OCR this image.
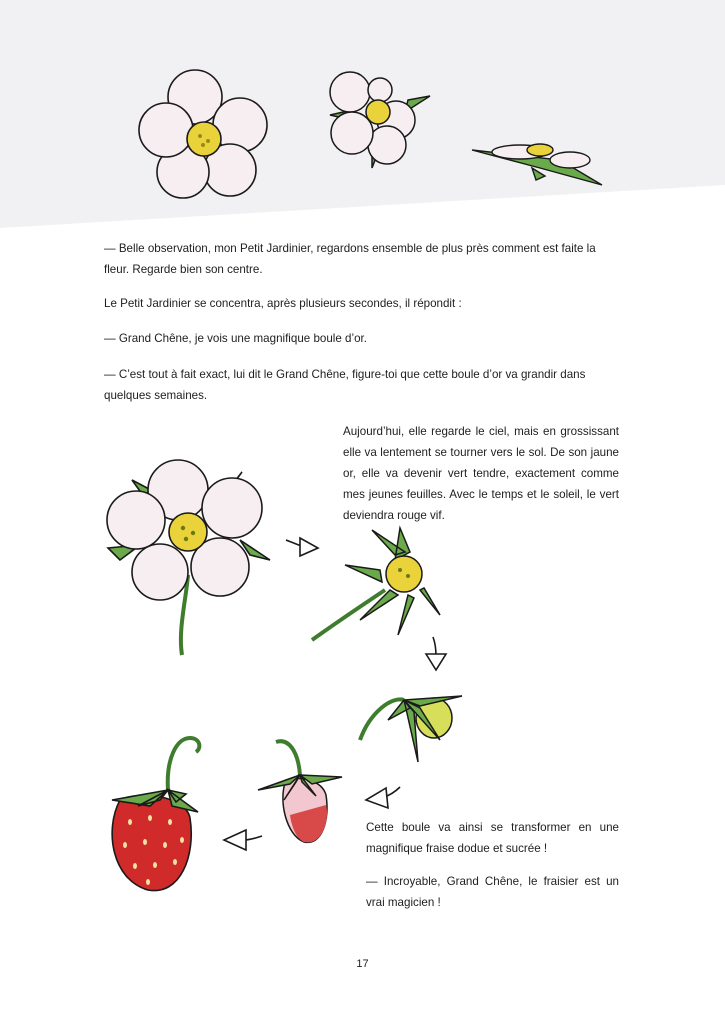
— Belle observation, mon Petit Jardinier, regardons ensemble de plus près comment est faite la fleur. Regarde bien son centre.

Le Petit Jardinier se concentra, après plusieurs secondes, il répondit :

— Grand Chêne, je vois une magnifique boule d’or.

— C’est tout à fait exact, lui dit le Grand Chêne, figure-toi que cette boule d’or va grandir dans quelques semaines.

Aujourd’hui, elle regarde le ciel, mais en grossissant elle va lentement se tourner vers le sol. De son jaune or, elle va devenir vert tendre, exactement comme mes jeunes feuilles. Avec le temps et le soleil, le vert deviendra rouge vif.

Cette boule va ainsi se transformer en une magnifique fraise dodue et sucrée !

— Incroyable, Grand Chêne, le fraisier est un vrai magicien !

17
